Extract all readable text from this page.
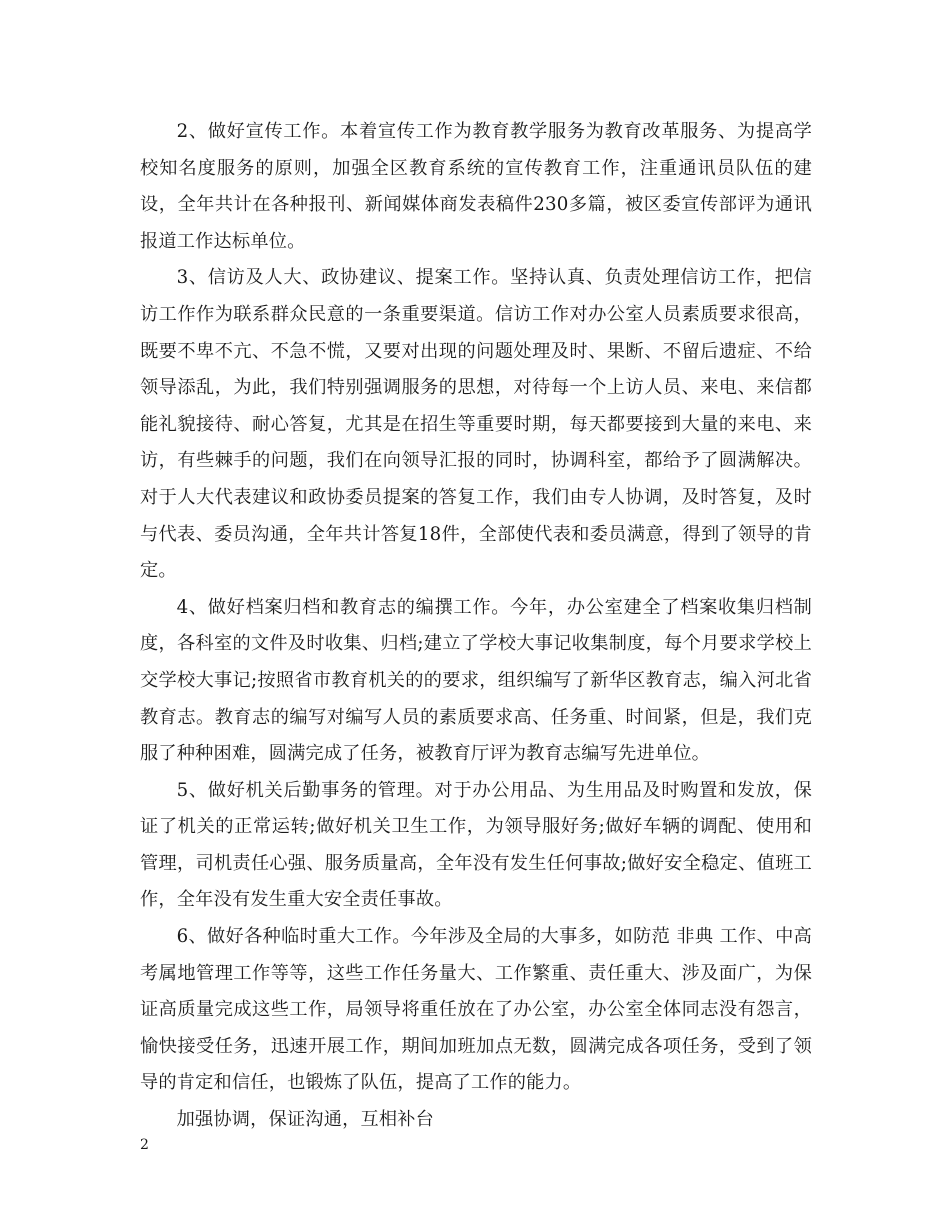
2、做好宣传工作。本着宣传工作为教育教学服务为教育改革服务、为提高学校知名度服务的原则，加强全区教育系统的宣传教育工作，注重通讯员队伍的建设，全年共计在各种报刊、新闻媒体商发表稿件230多篇，被区委宣传部评为通讯报道工作达标单位。

3、信访及人大、政协建议、提案工作。坚持认真、负责处理信访工作，把信访工作作为联系群众民意的一条重要渠道。信访工作对办公室人员素质要求很高，既要不卑不亢、不急不慌，又要对出现的问题处理及时、果断、不留后遗症、不给领导添乱，为此，我们特别强调服务的思想，对待每一个上访人员、来电、来信都能礼貌接待、耐心答复，尤其是在招生等重要时期，每天都要接到大量的来电、来访，有些棘手的问题，我们在向领导汇报的同时，协调科室，都给予了圆满解决。对于人大代表建议和政协委员提案的答复工作，我们由专人协调，及时答复，及时与代表、委员沟通，全年共计答复18件，全部使代表和委员满意，得到了领导的肯定。

4、做好档案归档和教育志的编撰工作。今年，办公室建全了档案收集归档制度，各科室的文件及时收集、归档;建立了学校大事记收集制度，每个月要求学校上交学校大事记;按照省市教育机关的的要求，组织编写了新华区教育志，编入河北省教育志。教育志的编写对编写人员的素质要求高、任务重、时间紧，但是，我们克服了种种困难，圆满完成了任务，被教育厅评为教育志编写先进单位。

5、做好机关后勤事务的管理。对于办公用品、为生用品及时购置和发放，保证了机关的正常运转;做好机关卫生工作，为领导服好务;做好车辆的调配、使用和管理，司机责任心强、服务质量高，全年没有发生任何事故;做好安全稳定、值班工作，全年没有发生重大安全责任事故。

6、做好各种临时重大工作。今年涉及全局的大事多，如防范 非典 工作、中高考属地管理工作等等，这些工作任务量大、工作繁重、责任重大、涉及面广，为保证高质量完成这些工作，局领导将重任放在了办公室，办公室全体同志没有怨言，愉快接受任务，迅速开展工作，期间加班加点无数，圆满完成各项任务，受到了领导的肯定和信任，也锻炼了队伍，提高了工作的能力。

加强协调，保证沟通，互相补台

2
